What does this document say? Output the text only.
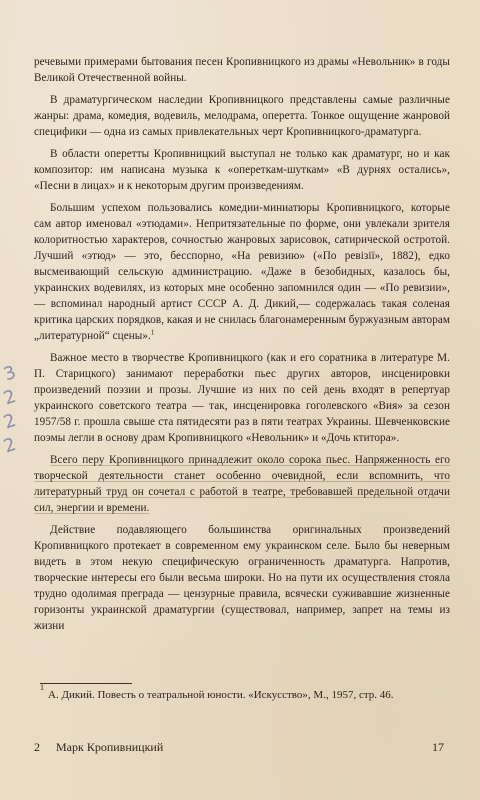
речевыми примерами бытования песен Кропивницкого из драмы «Невольник» в годы Великой Отечественной войны.

В драматургическом наследии Кропивницкого представлены самые различные жанры: драма, комедия, водевиль, мелодрама, оперетта. Тонкое ощущение жанровой специфики — одна из самых привлекательных черт Кропивницкого-драматурга.

В области оперетты Кропивницкий выступал не только как драматург, но и как композитор: им написана музыка к «опереткам-шуткам» «В дурнях остались», «Песни в лицах» и к некоторым другим произведениям.

Большим успехом пользовались комедии-миниатюры Кропивницкого, которые сам автор именовал «этюдами». Непритязательные по форме, они увлекали зрителя колоритностью характеров, сочностью жанровых зарисовок, сатирической остротой. Лучший «этюд» — это, бесспорно, «На ревизию» («По ревiзiї», 1882), едко высмеивающий сельскую администрацию. «Даже в безобидных, казалось бы, украинских водевилях, из которых мне особенно запомнился один — «По ревизии»,— вспоминал народный артист СССР А. Д. Дикий,— содержалась такая соленая критика царских порядков, какая и не снилась благонамеренным буржуазным авторам „литературной“ сцены».$^1$

Важное место в творчестве Кропивницкого (как и его соратника в литературе М. П. Старицкого) занимают переработки пьес других авторов, инсценировки произведений поэзии и прозы. Лучшие из них по сей день входят в репертуар украинского советского театра — так, инсценировка гоголевского «Вия» за сезон 1957/58 г. прошла свыше ста пятидесяти раз в пяти театрах Украины. Шевченковские поэмы легли в основу драм Кропивницкого «Невольник» и «Дочь ктитора».

Всего перу Кропивницкого принадлежит около сорока пьес. Напряженность его творческой деятельности станет особенно очевидной, если вспомнить, что литературный труд он сочетал с работой в театре, требовавшей предельной отдачи сил, энергии и времени.

Действие подавляющего большинства оригинальных произведений Кропивницкого протекает в современном ему украинском селе. Было бы неверным видеть в этом некую специфическую ограниченность драматурга. Напротив, творческие интересы его были весьма широки. Но на пути их осуществления стояла трудно одолимая преграда — цензурные правила, всячески суживавшие жизненные горизонты украинской драматургии (существовал, например, запрет на темы из жизни

3
2
2
2
$^1$А. Дикий. Повесть о театральной юности. «Искусство», М., 1957, стр. 46.
2 Марк Кропивницкий	17
